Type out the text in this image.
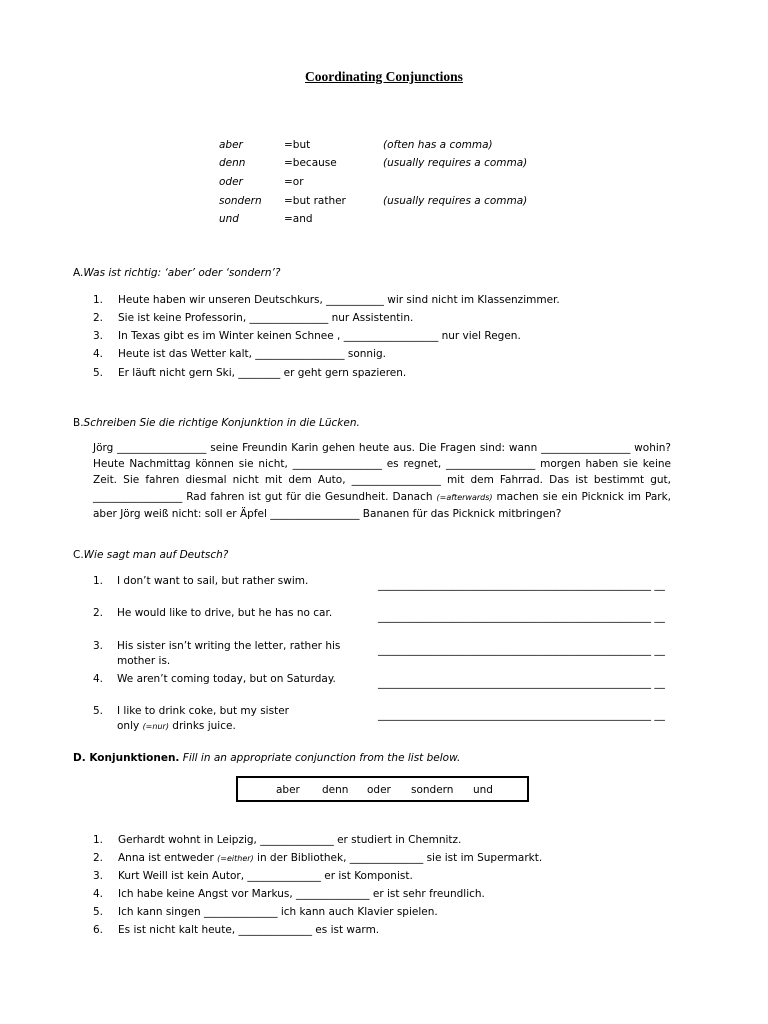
Coordinating Conjunctions
aber	=but	(often has a comma)
denn	=because	(usually requires a comma)
oder	=or
sondern =but rather	(usually requires a comma)
und	=and
A.Was ist richtig: ‘aber’ oder ‘sondern’?
1. Heute haben wir unseren Deutschkurs, ___________ wir sind nicht im Klassenzimmer.
2. Sie ist keine Professorin, _______________ nur Assistentin.
3. In Texas gibt es im Winter keinen Schnee , __________________ nur viel Regen.
4. Heute ist das Wetter kalt, _________________ sonnig.
5. Er läuft nicht gern Ski, ________ er geht gern spazieren.
B.Schreiben Sie die richtige Konjunktion in die Lücken.
Jörg _________________ seine Freundin Karin gehen heute aus. Die Fragen sind: wann _________________ wohin? Heute Nachmittag können sie nicht, _________________ es regnet, _________________ morgen haben sie keine Zeit. Sie fahren diesmal nicht mit dem Auto, _________________ mit dem Fahrrad. Das ist bestimmt gut, _________________ Rad fahren ist gut für die Gesundheit. Danach (=afterwards) machen sie ein Picknick im Park, aber Jörg weiß nicht: soll er Äpfel _________________ Bananen für das Picknick mitbringen?
C.Wie sagt man auf Deutsch?
1. I don’t want to sail, but rather swim.	____________________________________________________ __
2. He would like to drive, but he has no car.	____________________________________________________ __
3. His sister isn’t writing the letter, rather his mother is.
____________________________________________________ __
4. We aren’t coming today, but on Saturday.	____________________________________________________ __
5. I like to drink coke, but my sister
only (=nur) drinks juice.
____________________________________________________ __
D. Konjunktionen. Fill in an appropriate conjunction from the list below.
aber denn oder sondern und
1. Gerhardt wohnt in Leipzig, ______________ er studiert in Chemnitz.
2. Anna ist entweder (=either) in der Bibliothek, ______________ sie ist im Supermarkt.
3. Kurt Weill ist kein Autor, ______________ er ist Komponist.
4. Ich habe keine Angst vor Markus, ______________ er ist sehr freundlich.
5. Ich kann singen ______________ ich kann auch Klavier spielen.
6. Es ist nicht kalt heute, ______________ es ist warm.
